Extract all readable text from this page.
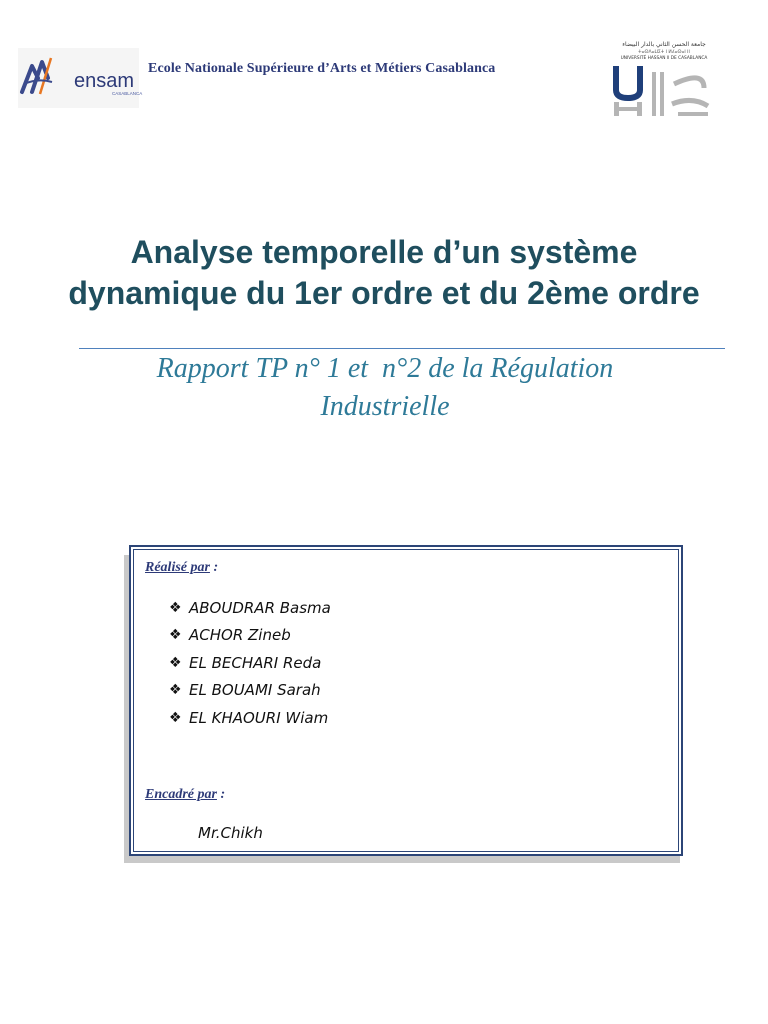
ensam
CASABLANCA
Ecole Nationale Supérieure d’Arts et Métiers Casablanca
جامعة الحسن الثاني بالدار البيضاء
ⵜⴰⵙⴷⴰⵡⵉⵜ ⵏ ⵍⵃⴰⵙⴰⵏ II
UNIVERSITÉ HASSAN II DE CASABLANCA
Analyse temporelle d’un système dynamique du 1er ordre et du 2ème ordre
Rapport TP n° 1 et  n°2 de la Régulation Industrielle
Réalisé par :
❖ ABOUDRAR Basma
❖ ACHOR Zineb
❖ EL BECHARI Reda
❖ EL BOUAMI Sarah
❖ EL KHAOURI Wiam
Encadré par :
Mr.Chikh
